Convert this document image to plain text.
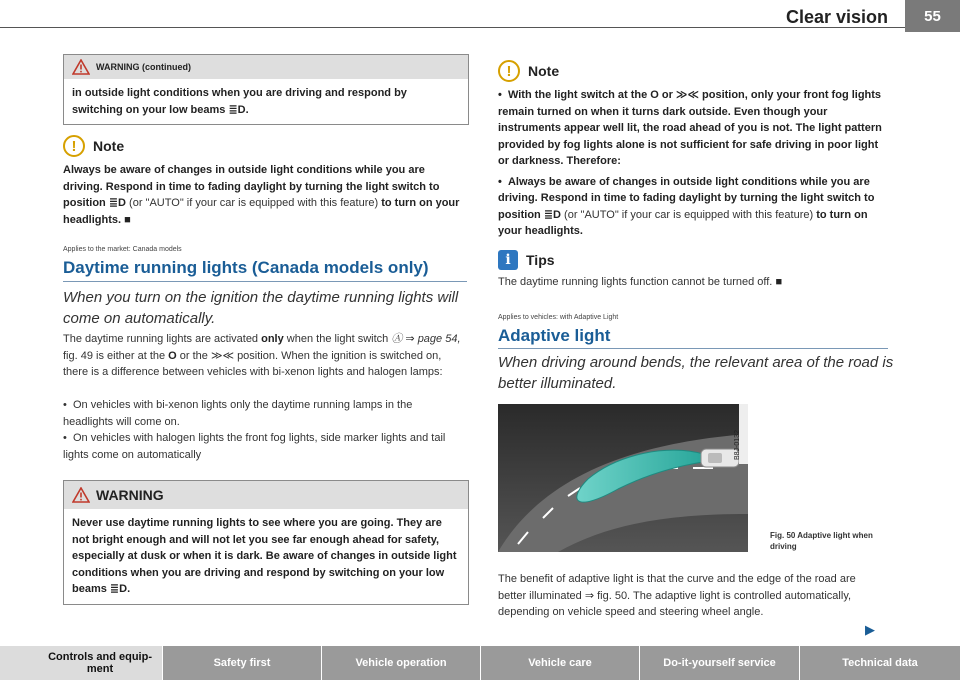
Clear vision	55
WARNING (continued)
in outside light conditions when you are driving and respond by switching on your low beams ≣D.
!	Note
Always be aware of changes in outside light conditions while you are driving. Respond in time to fading daylight by turning the light switch to position ≣D (or "AUTO" if your car is equipped with this feature) to turn on your headlights. ■
Applies to the market: Canada models
Daytime running lights (Canada models only)
When you turn on the ignition the daytime running lights will come on automatically.
The daytime running lights are activated only when the light switch Ⓐ ⇒ page 54, fig. 49 is either at the O or the ≫≪ position. When the ignition is switched on, there is a difference between vehicles with bi-xenon lights and halogen lamps:
•  On vehicles with bi-xenon lights only the daytime running lamps in the headlights will come on.
•  On vehicles with halogen lights the front fog lights, side marker lights and tail lights come on automatically
WARNING
Never use daytime running lights to see where you are going. They are not bright enough and will not let you see far enough ahead for safety, especially at dusk or when it is dark. Be aware of changes in outside light conditions when you are driving and respond by switching on your low beams ≣D.
!	Note
•  With the light switch at the O or ≫≪ position, only your front fog lights remain turned on when it turns dark outside. Even though your instruments appear well lit, the road ahead of you is not. The light pattern provided by fog lights alone is not sufficient for safe driving in poor light or darkness. Therefore:
•  Always be aware of changes in outside light conditions while you are driving. Respond in time to fading daylight by turning the light switch to position ≣D (or "AUTO" if your car is equipped with this feature) to turn on your headlights.
i	Tips
The daytime running lights function cannot be turned off. ■
Applies to vehicles: with Adaptive Light
Adaptive light
When driving around bends, the relevant area of the road is better illuminated.
B8J-0132
Fig. 50 Adaptive light when driving
The benefit of adaptive light is that the curve and the edge of the road are better illuminated ⇒ fig. 50. The adaptive light is controlled automatically, depending on vehicle speed and steering wheel angle.
▶
Controls and equip-
ment	Safety first	Vehicle operation	Vehicle care	Do-it-yourself service	Technical data
